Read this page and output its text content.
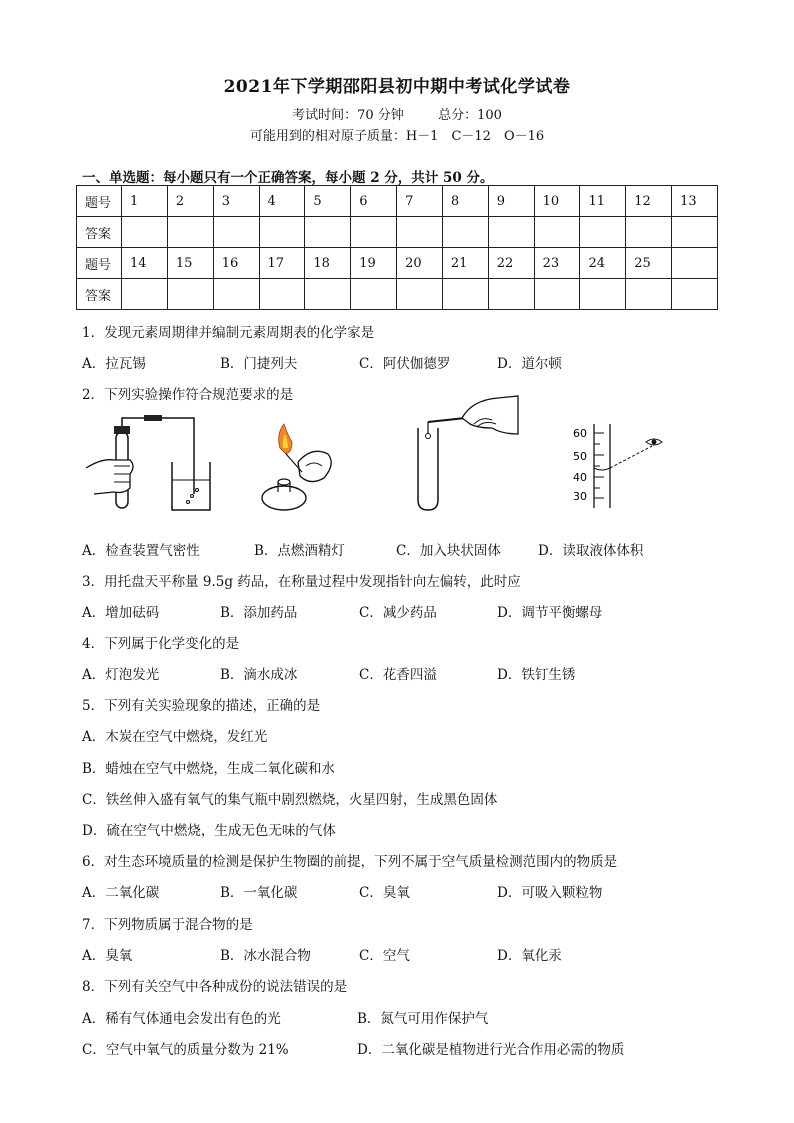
2021年下学期邵阳县初中期中考试化学试卷
考试时间：70 分钟	总分：100
可能用到的相对原子质量：H－1　C－12　O－16
一、单选题：每小题只有一个正确答案，每小题 2 分，共计 50 分。
题号	1	2	3	4	5	6	7	8	9	10	11	12	13
答案													
题号	14	15	16	17	18	19	20	21	22	23	24	25	
答案													
1．发现元素周期律并编制元素周期表的化学家是
A．拉瓦锡	B．门捷列夫	C．阿伏伽德罗	D．道尔顿
2．下列实验操作符合规范要求的是
60
50
40
30
A．检查装置气密性	B．点燃酒精灯	C．加入块状固体	D．读取液体体积
3．用托盘天平称量 9.5g 药品，在称量过程中发现指针向左偏转，此时应
A．增加砝码	B．添加药品	C．减少药品	D．调节平衡螺母
4．下列属于化学变化的是
A．灯泡发光	B．滴水成冰	C．花香四溢	D．铁钉生锈
5．下列有关实验现象的描述，正确的是
A．木炭在空气中燃烧，发红光
B．蜡烛在空气中燃烧，生成二氧化碳和水
C．铁丝伸入盛有氧气的集气瓶中剧烈燃烧，火星四射，生成黑色固体
D．硫在空气中燃烧，生成无色无味的气体
6．对生态环境质量的检测是保护生物圈的前提，下列不属于空气质量检测范围内的物质是
A．二氧化碳	B．一氧化碳	C．臭氧	D．可吸入颗粒物
7．下列物质属于混合物的是
A．臭氧	B．冰水混合物	C．空气	D．氧化汞
8．下列有关空气中各种成份的说法错误的是
A．稀有气体通电会发出有色的光	B．氮气可用作保护气
C．空气中氧气的质量分数为 21%	D．二氧化碳是植物进行光合作用必需的物质
